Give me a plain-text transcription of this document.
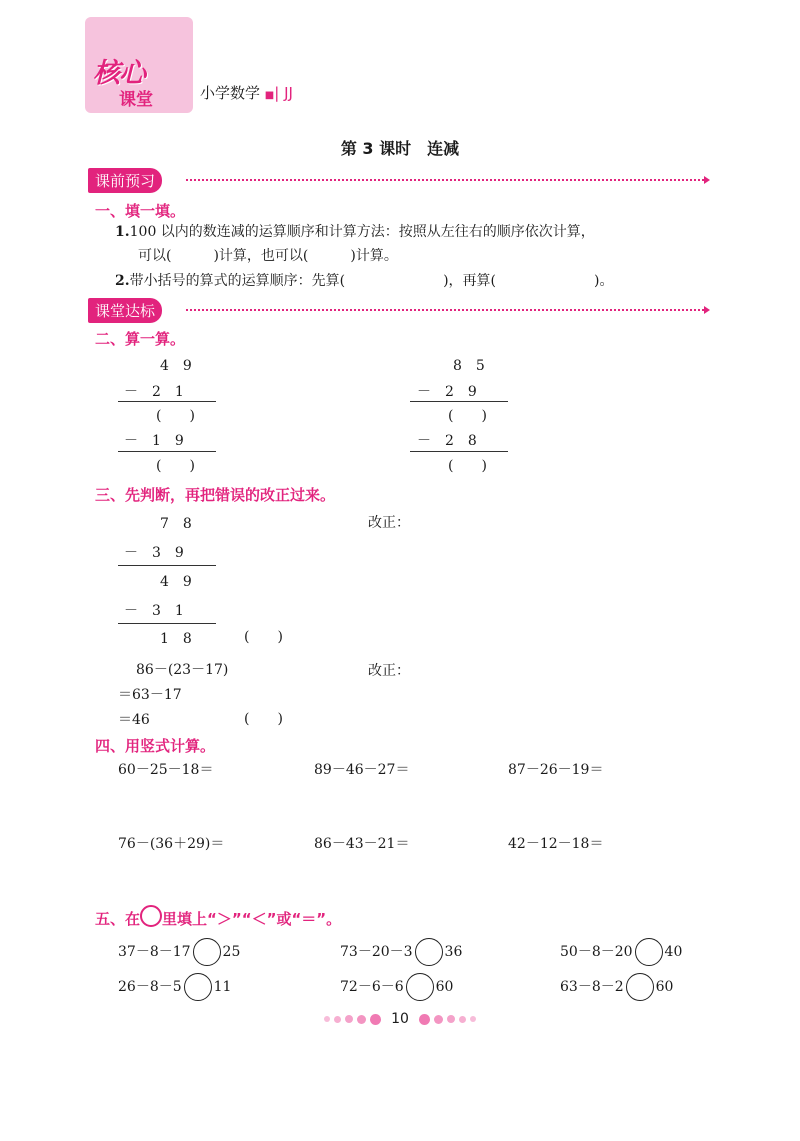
核心
课堂	小学数学 ■| JJ
第 3 课时　连减
课前预习
一、填一填。
1.100 以内的数连减的运算顺序和计算方法：按照从左往右的顺序依次计算，
可以(　　　)计算，也可以(　　　)计算。
2.带小括号的算式的运算顺序：先算(　　　　　　　)，再算(　　　　　　　)。
课堂达标
二、算一算。
4　9
－　2　1
(　　)
－　1　9
(　　)
8　5
－　2　9
(　　)
－　2　8
(　　)
三、先判断，再把错误的改正过来。
7　8
－　3　9
4　9
－　3　1
1　8	(　　)
改正：
86－(23－17)
＝63－17
＝46	(　　)
改正：
四、用竖式计算。
60－25－18＝	89－46－27＝	87－26－19＝
76－(36＋29)＝	86－43－21＝	42－12－18＝
五、在 里填上“＞”“＜”或“＝”。
37－8－17 25	73－20－3 36	50－8－20 40
26－8－5 11	72－6－6 60	63－8－2 60
10
